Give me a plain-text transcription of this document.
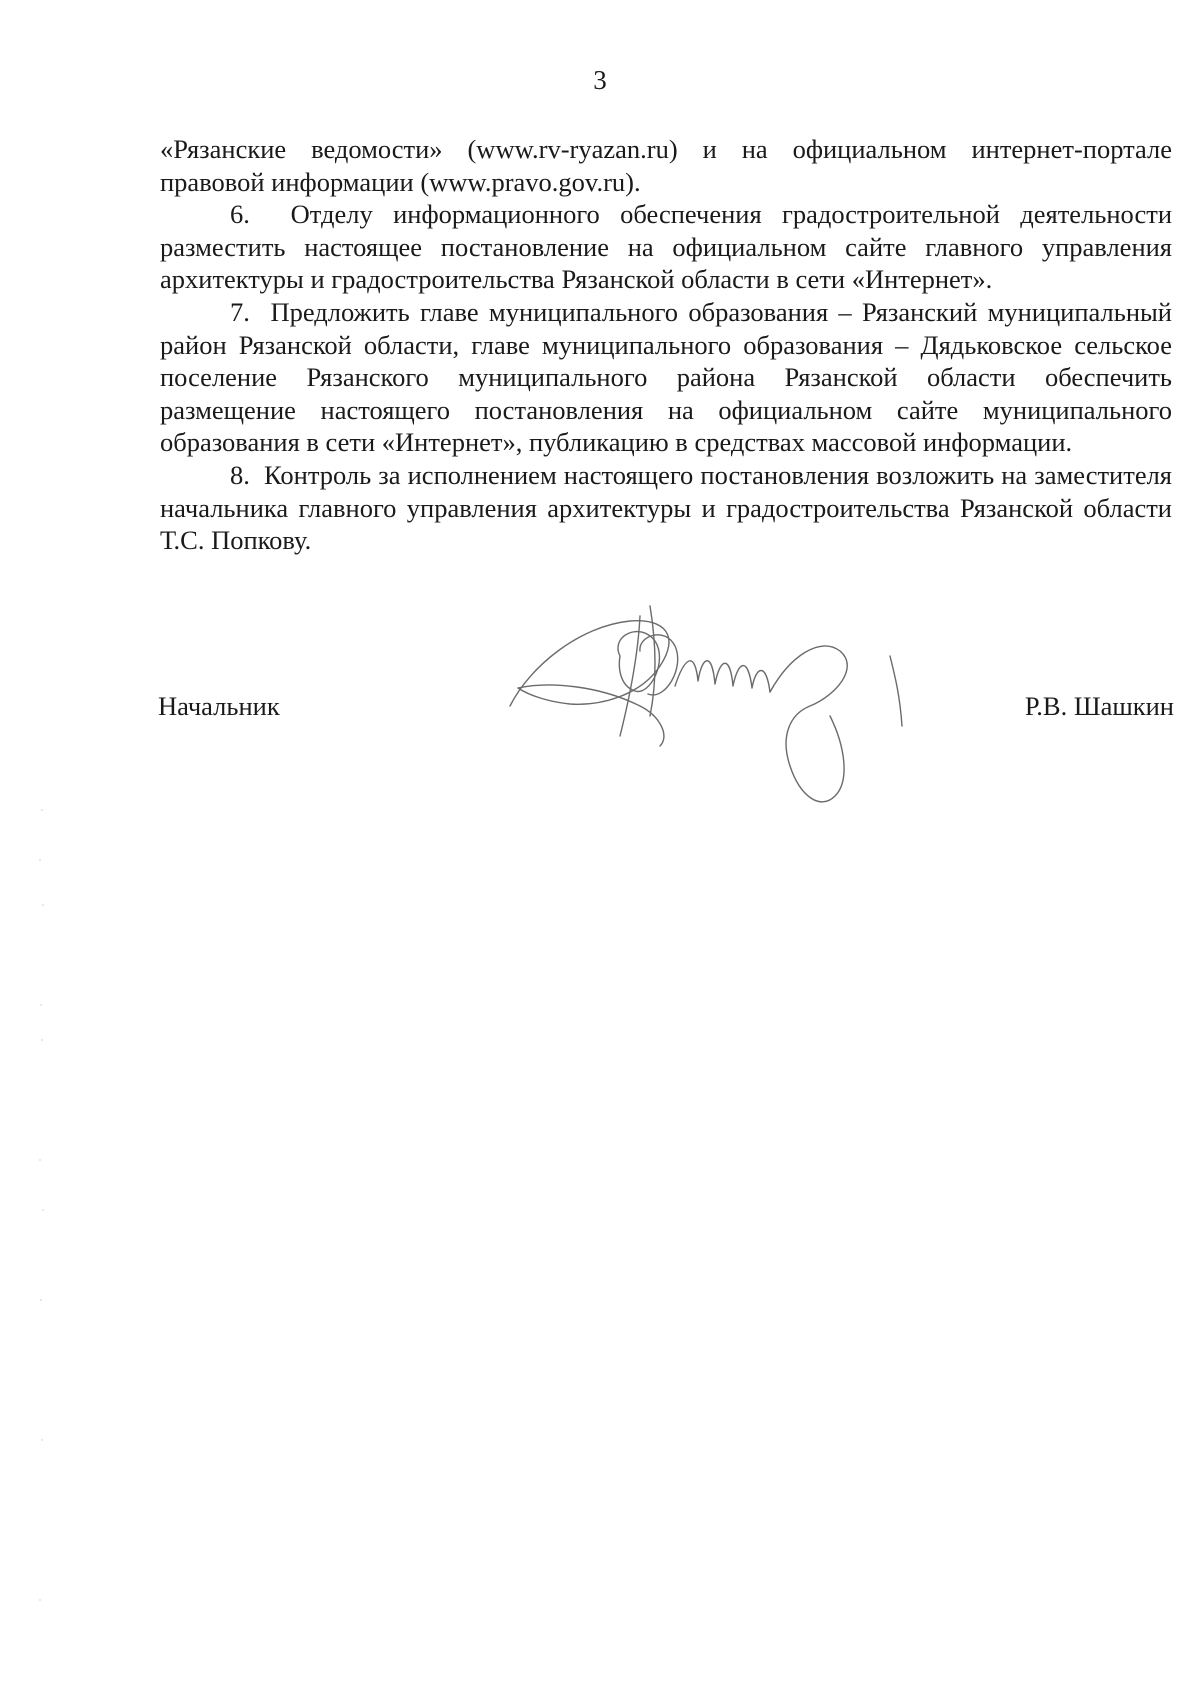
3

«Рязанские ведомости» (www.rv-ryazan.ru) и на официальном интернет-портале правовой информации (www.pravo.gov.ru).

6.  Отделу информационного обеспечения градостроительной деятельности разместить настоящее постановление на официальном сайте главного управления архитектуры и градостроительства Рязанской области в сети «Интернет».

7.  Предложить главе муниципального образования – Рязанский муниципальный район Рязанской области, главе муниципального образования – Дядьковское сельское поселение Рязанского муниципального района Рязанской области обеспечить размещение настоящего постановления на официальном сайте муниципального образования в сети «Интернет», публикацию в средствах массовой информации.

8.  Контроль за исполнением настоящего постановления возложить на заместителя начальника главного управления архитектуры и градостроительства Рязанской области Т.С. Попкову.

Начальник	Р.В. Шашкин
